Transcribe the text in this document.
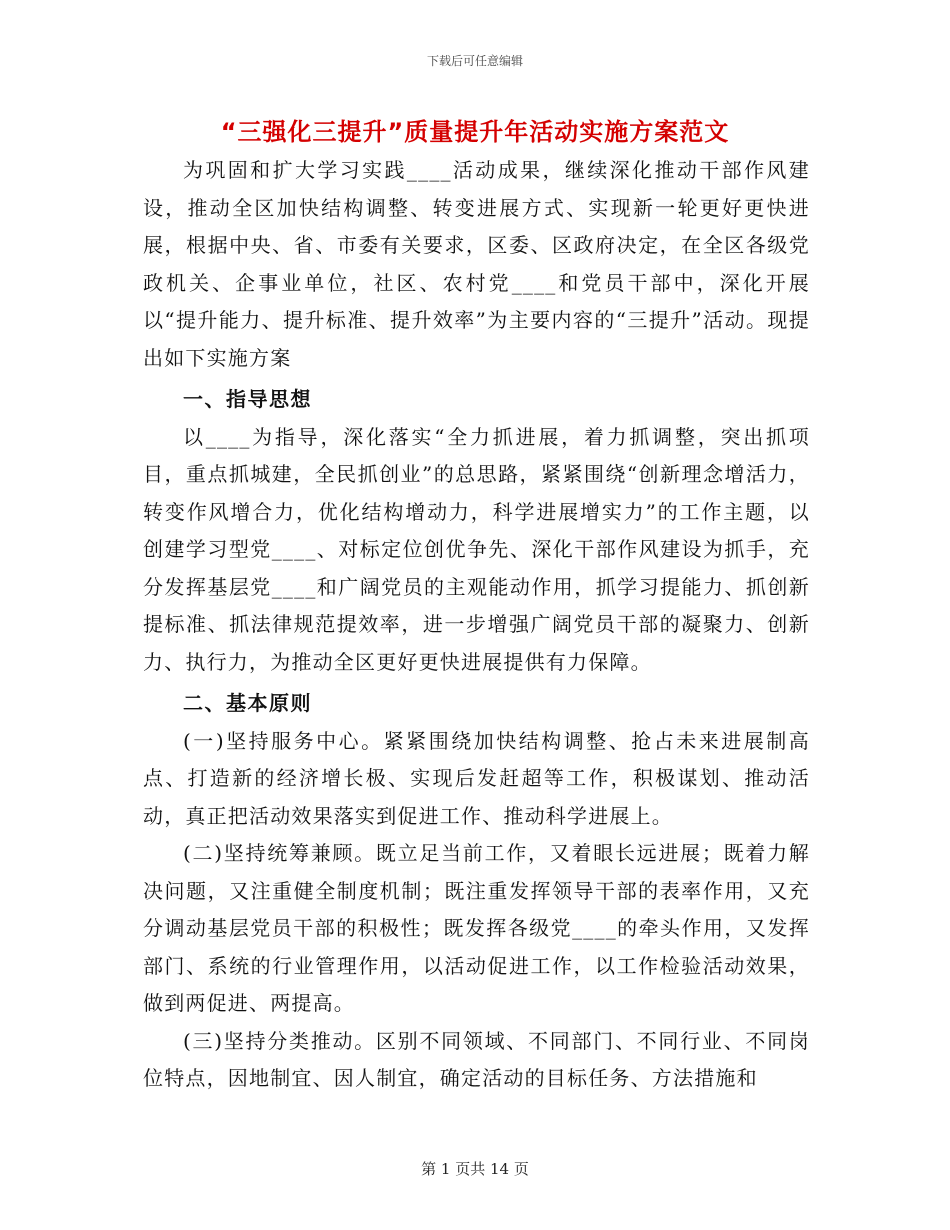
下载后可任意编辑
“三强化三提升”质量提升年活动实施方案范文

为巩固和扩大学习实践____活动成果，继续深化推动干部作风建设，推动全区加快结构调整、转变进展方式、实现新一轮更好更快进展，根据中央、省、市委有关要求，区委、区政府决定，在全区各级党政机关、企事业单位，社区、农村党____和党员干部中，深化开展以“提升能力、提升标准、提升效率”为主要内容的“三提升”活动。现提出如下实施方案

一、指导思想

以____为指导，深化落实“全力抓进展，着力抓调整，突出抓项目，重点抓城建，全民抓创业”的总思路，紧紧围绕“创新理念增活力，转变作风增合力，优化结构增动力，科学进展增实力”的工作主题，以创建学习型党____、对标定位创优争先、深化干部作风建设为抓手，充分发挥基层党____和广阔党员的主观能动作用，抓学习提能力、抓创新提标准、抓法律规范提效率，进一步增强广阔党员干部的凝聚力、创新力、执行力，为推动全区更好更快进展提供有力保障。

二、基本原则

(一)坚持服务中心。紧紧围绕加快结构调整、抢占未来进展制高点、打造新的经济增长极、实现后发赶超等工作，积极谋划、推动活动，真正把活动效果落实到促进工作、推动科学进展上。

(二)坚持统筹兼顾。既立足当前工作，又着眼长远进展；既着力解决问题，又注重健全制度机制；既注重发挥领导干部的表率作用，又充分调动基层党员干部的积极性；既发挥各级党____的牵头作用，又发挥部门、系统的行业管理作用，以活动促进工作，以工作检验活动效果，做到两促进、两提高。

(三)坚持分类推动。区别不同领域、不同部门、不同行业、不同岗位特点，因地制宜、因人制宜，确定活动的目标任务、方法措施和

第 1 页共 14 页
